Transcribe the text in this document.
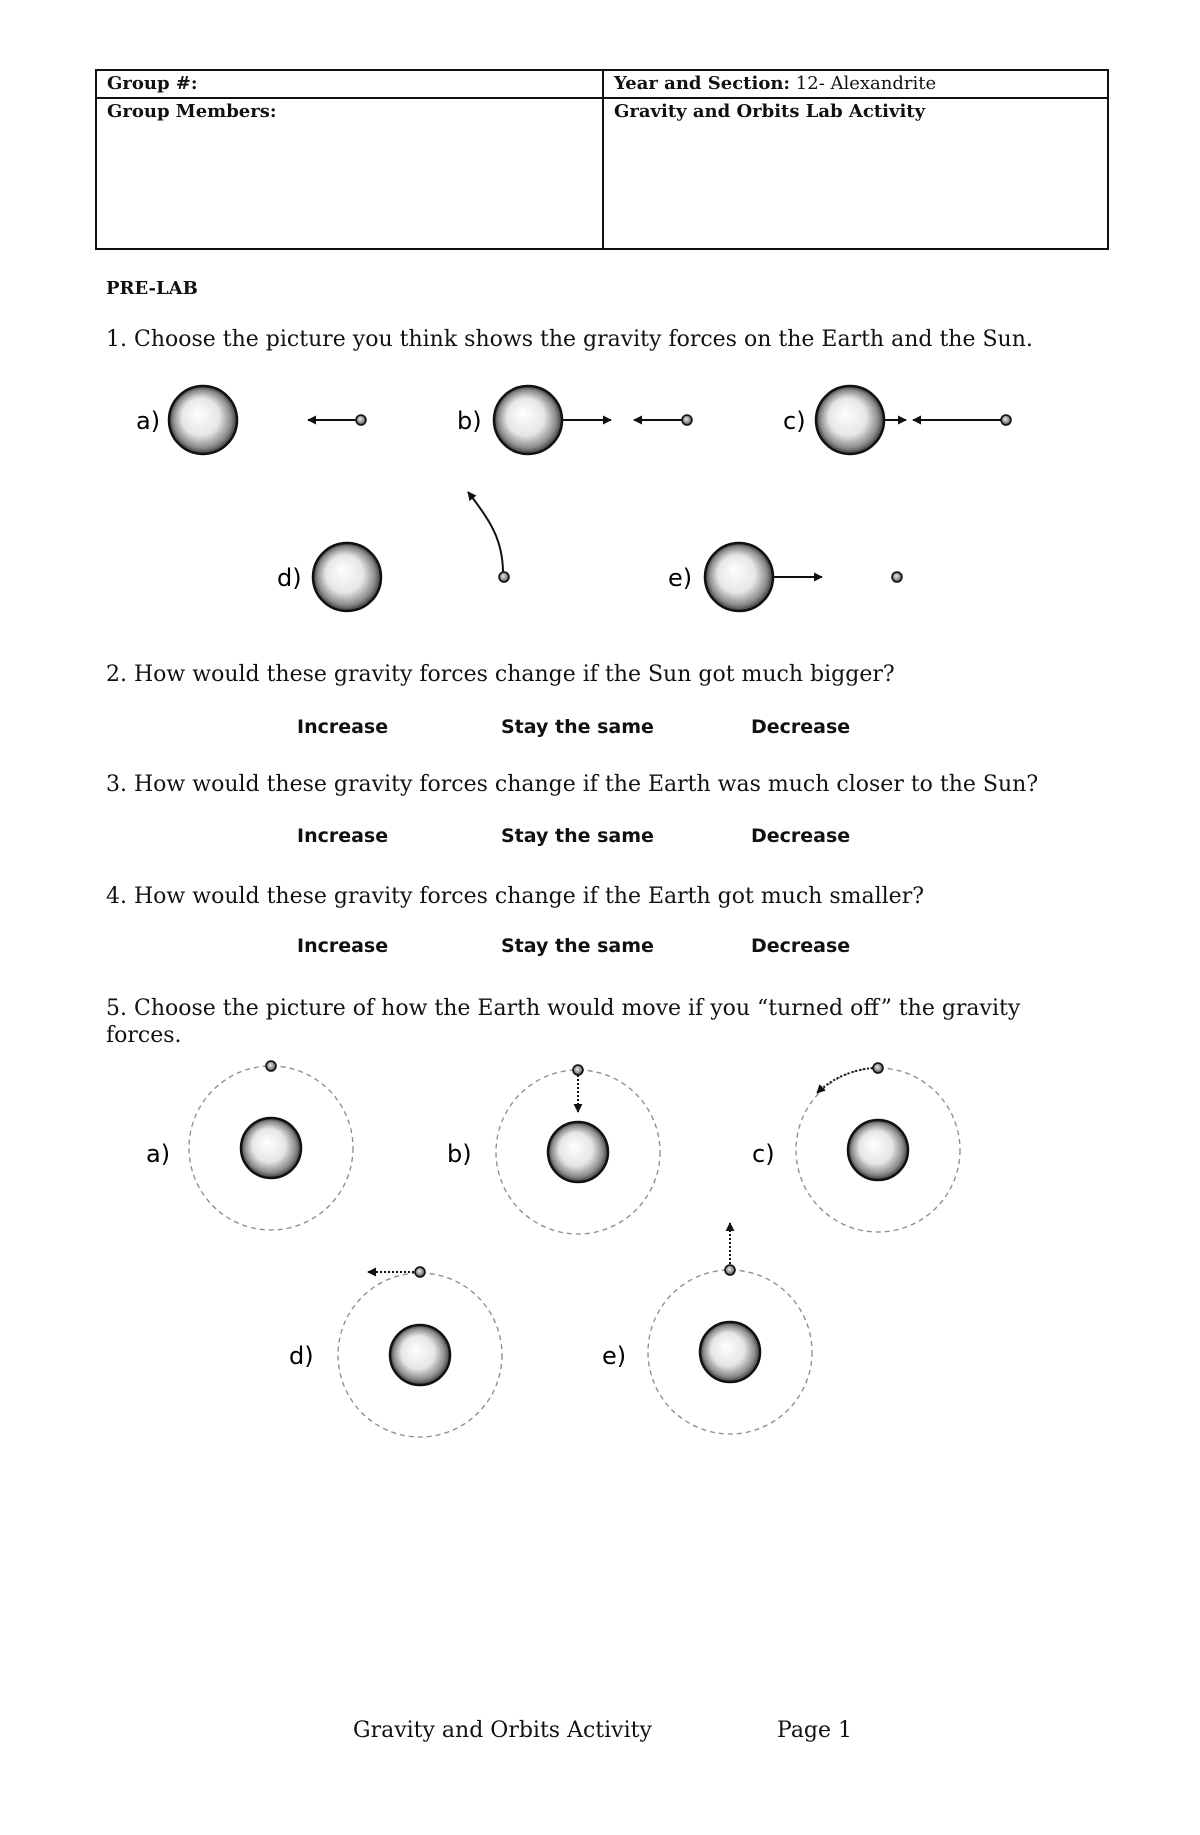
Group #:	Year and Section: 12- Alexandrite
Group Members:	Gravity and Orbits Lab Activity
PRE-LAB
1. Choose the picture you think shows the gravity forces on the Earth and the Sun.
a)	b)	c)
d)	e)
2. How would these gravity forces change if the Sun got much bigger?
Increase	Stay the same	Decrease
3. How would these gravity forces change if the Earth was much closer to the Sun?
Increase	Stay the same	Decrease
4. How would these gravity forces change if the Earth got much smaller?
Increase	Stay the same	Decrease
5. Choose the picture of how the Earth would move if you “turned off” the gravity
forces.
a)	b)	c)
d)	e)
Gravity and Orbits Activity	Page 1
